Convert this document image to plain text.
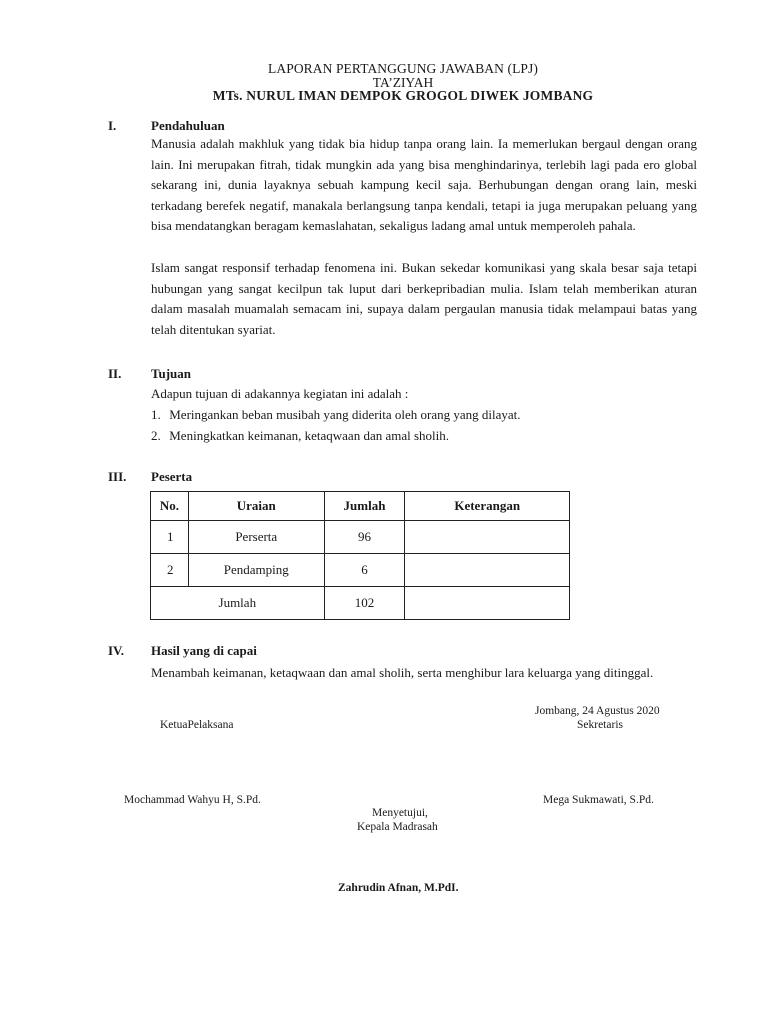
LAPORAN PERTANGGUNG JAWABAN (LPJ)
TA’ZIYAH
MTs. NURUL IMAN DEMPOK GROGOL DIWEK JOMBANG
I.	Pendahuluan

Manusia adalah makhluk yang tidak bia hidup tanpa orang lain. Ia memerlukan bergaul dengan orang lain. Ini merupakan fitrah, tidak mungkin ada yang bisa menghindarinya, terlebih lagi pada ero global sekarang ini, dunia layaknya sebuah kampung kecil saja. Berhubungan dengan orang lain, meski terkadang berefek negatif, manakala berlangsung tanpa kendali, tetapi ia juga merupakan peluang yang bisa mendatangkan beragam kemaslahatan, sekaligus ladang amal untuk memperoleh pahala.

Islam sangat responsif terhadap fenomena ini. Bukan sekedar komunikasi yang skala besar saja tetapi hubungan yang sangat kecilpun tak luput dari berkepribadian mulia. Islam telah memberikan aturan dalam masalah muamalah semacam ini, supaya dalam pergaulan manusia tidak melampaui batas yang telah ditentukan syariat.

II. Tujuan
Adapun tujuan di adakannya kegiatan ini adalah :
1. Meringankan beban musibah yang diderita oleh orang yang dilayat.
2. Meningkatkan keimanan, ketaqwaan dan amal sholih.
III. Peserta
No.	Uraian	Jumlah	Keterangan
1	Perserta	96	
2	Pendamping	6	
Jumlah		102	
IV. Hasil yang di capai
Menambah keimanan, ketaqwaan dan amal sholih, serta menghibur lara keluarga yang ditinggal.
Jombang, 24 Agustus 2020
KetuaPelaksana	Sekretaris
Mochammad Wahyu H, S.Pd.	Mega Sukmawati, S.Pd.
Menyetujui,
Kepala Madrasah
Zahrudin Afnan, M.PdI.
